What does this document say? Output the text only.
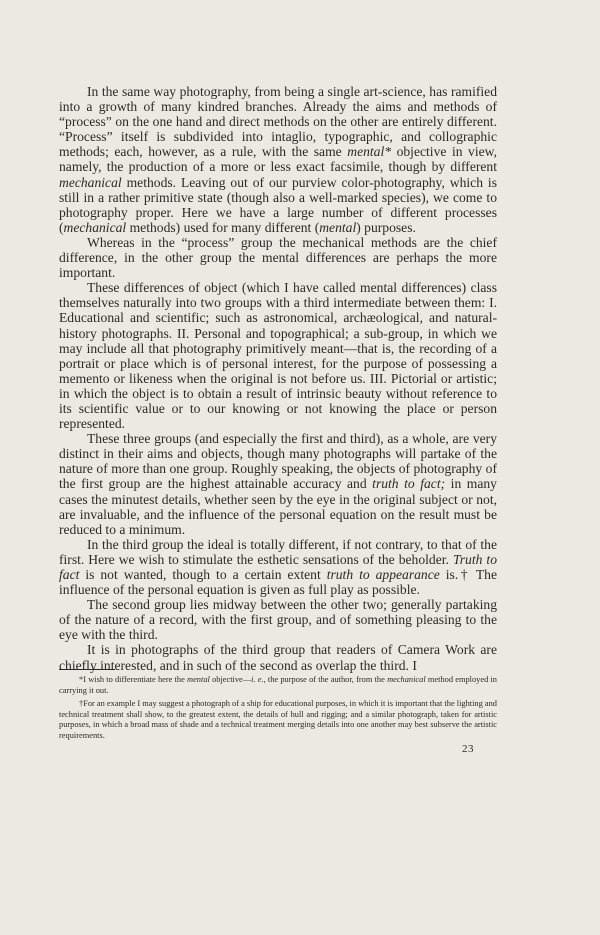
In the same way photography, from being a single art-science, has ramified into a growth of many kindred branches. Already the aims and methods of “process” on the one hand and direct methods on the other are entirely different. “Process” itself is subdivided into intaglio, typographic, and collographic methods; each, however, as a rule, with the same mental* objective in view, namely, the production of a more or less exact facsimile, though by different mechanical methods. Leaving out of our purview color-photography, which is still in a rather primitive state (though also a well-marked species), we come to photography proper. Here we have a large number of different processes (mechanical methods) used for many different (mental) purposes.

Whereas in the “process” group the mechanical methods are the chief difference, in the other group the mental differences are perhaps the more important.

These differences of object (which I have called mental differences) class themselves naturally into two groups with a third intermediate between them: I. Educational and scientific; such as astronomical, archæological, and natural-history photographs. II. Personal and topographical; a sub-group, in which we may include all that photography primitively meant—that is, the recording of a portrait or place which is of personal interest, for the purpose of possessing a memento or likeness when the original is not before us. III. Pictorial or artistic; in which the object is to obtain a result of intrinsic beauty without reference to its scientific value or to our knowing or not knowing the place or person represented.

These three groups (and especially the first and third), as a whole, are very distinct in their aims and objects, though many photographs will partake of the nature of more than one group. Roughly speaking, the objects of photography of the first group are the highest attainable accuracy and truth to fact; in many cases the minutest details, whether seen by the eye in the original subject or not, are invaluable, and the influence of the personal equation on the result must be reduced to a minimum.

In the third group the ideal is totally different, if not contrary, to that of the first. Here we wish to stimulate the esthetic sensations of the beholder. Truth to fact is not wanted, though to a certain extent truth to appearance is.† The influence of the personal equation is given as full play as possible.

The second group lies midway between the other two; generally partaking of the nature of a record, with the first group, and of something pleasing to the eye with the third.

It is in photographs of the third group that readers of Camera Work are chiefly interested, and in such of the second as overlap the third. I

*I wish to differentiate here the mental objective—i. e., the purpose of the author, from the mechanical method employed in carrying it out.

†For an example I may suggest a photograph of a ship for educational purposes, in which it is important that the lighting and technical treatment shall show, to the greatest extent, the details of hull and rigging; and a similar photograph, taken for artistic purposes, in which a broad mass of shade and a technical treatment merging details into one another may best subserve the artistic requirements.

23
